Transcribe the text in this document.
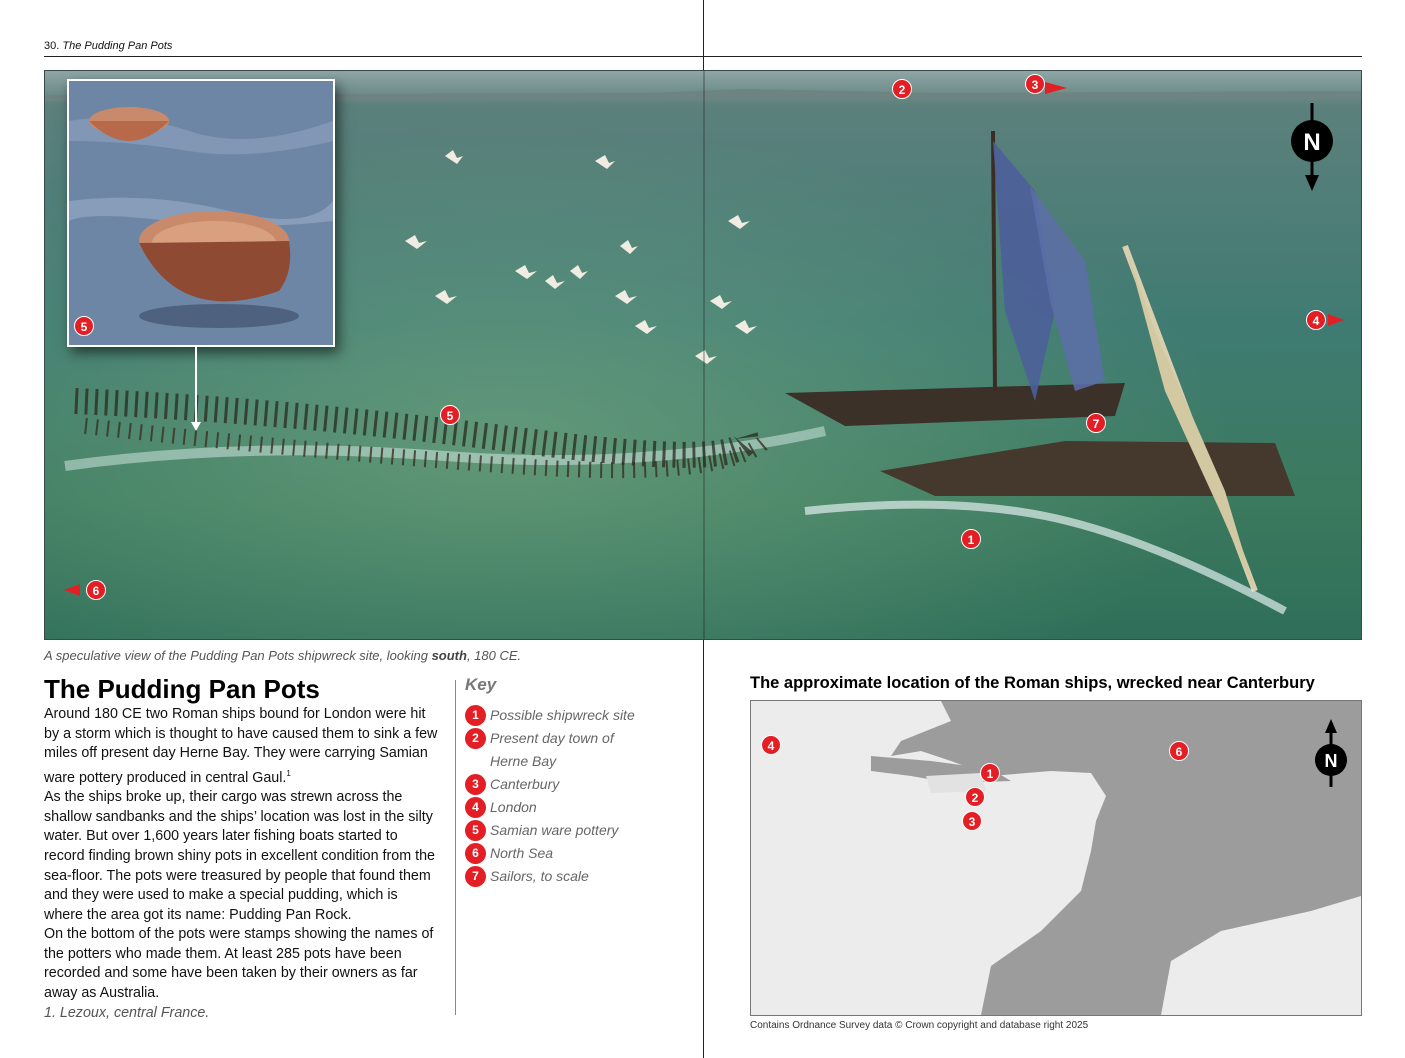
30. The Pudding Pan Pots
N
2	3
4
5
5
7
1
6
A speculative view of the Pudding Pan Pots shipwreck site, looking south, 180 CE.
The Pudding Pan Pots

Around 180 CE two Roman ships bound for London were hit by a storm which is thought to have caused them to sink a few miles off present day Herne Bay. They were carrying Samian ware pottery produced in central Gaul.$^1$

As the ships broke up, their cargo was strewn across the shallow sandbanks and the ships’ location was lost in the silty water. But over 1,600 years later fishing boats started to record finding brown shiny pots in excellent condition from the sea-floor. The pots were treasured by people that found them and they were used to make a special pudding, which is where the area got its name: Pudding Pan Rock.

On the bottom of the pots were stamps showing the names of the potters who made them. At least 285 pots have been recorded and some have been taken by their owners as far away as Australia.

1. Lezoux, central France.

Key
1 Possible shipwreck site
2 Present day town of Herne Bay
3 Canterbury
4 London
5 Samian ware pottery
6 North Sea
7 Sailors, to scale
The approximate location of the Roman ships, wrecked near Canterbury
N
4
1
2
3
6
Contains Ordnance Survey data © Crown copyright and database right 2025
